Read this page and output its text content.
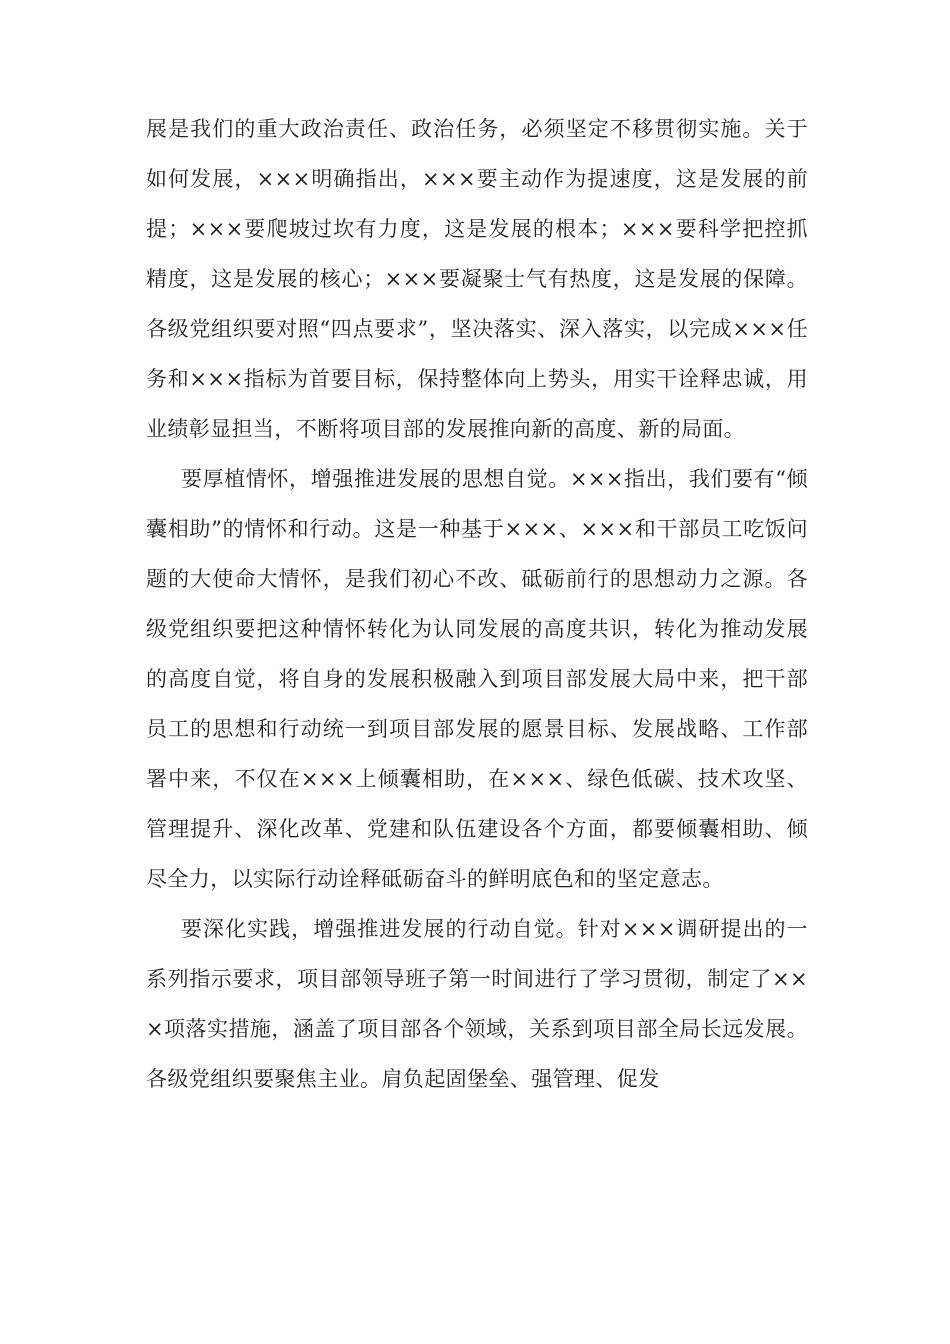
展是我们的重大政治责任、政治任务，必须坚定不移贯彻实施。关于如何发展，×××明确指出，×××要主动作为提速度，这是发展的前提；×××要爬坡过坎有力度，这是发展的根本；×××要科学把控抓精度，这是发展的核心；×××要凝聚士气有热度，这是发展的保障。各级党组织要对照“四点要求”，坚决落实、深入落实，以完成×××任务和×××指标为首要目标，保持整体向上势头，用实干诠释忠诚，用业绩彰显担当，不断将项目部的发展推向新的高度、新的局面。

要厚植情怀，增强推进发展的思想自觉。×××指出，我们要有“倾囊相助”的情怀和行动。这是一种基于×××、×××和干部员工吃饭问题的大使命大情怀，是我们初心不改、砥砺前行的思想动力之源。各级党组织要把这种情怀转化为认同发展的高度共识，转化为推动发展的高度自觉，将自身的发展积极融入到项目部发展大局中来，把干部员工的思想和行动统一到项目部发展的愿景目标、发展战略、工作部署中来，不仅在×××上倾囊相助，在×××、绿色低碳、技术攻坚、管理提升、深化改革、党建和队伍建设各个方面，都要倾囊相助、倾尽全力，以实际行动诠释砥砺奋斗的鲜明底色和的坚定意志。

要深化实践，增强推进发展的行动自觉。针对×××调研提出的一系列指示要求，项目部领导班子第一时间进行了学习贯彻，制定了×××项落实措施，涵盖了项目部各个领域，关系到项目部全局长远发展。各级党组织要聚焦主业。肩负起固堡垒、强管理、促发
